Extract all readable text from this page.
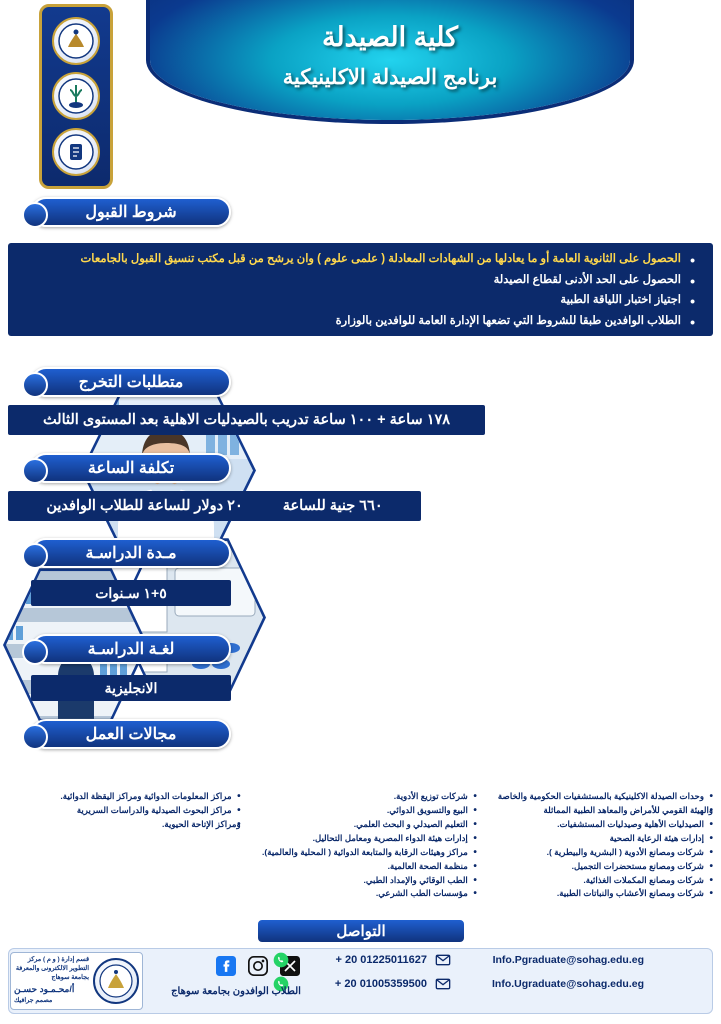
كلية الصيدلة
برنامج الصيدلة الاكلينيكية
شروط القبول
• الحصول على الثانوية العامة أو ما يعادلها من الشهادات المعادلة ( علمى علوم ) وان يرشح من قبل مكتب تنسيق القبول بالجامعات
• الحصول على الحد الأدنى لقطاع الصيدلة
• اجتياز اختبار اللياقة الطبية
• الطلاب الوافدين طبقا للشروط التي تضعها الإدارة العامة للوافدين بالوزارة
متطلبات التخرج
١٧٨ ساعة + ١٠٠ ساعة تدريب بالصيدليات الاهلية بعد المستوى الثالث
تكلفة الساعة
٦٦٠ جنية للساعة
٢٠ دولار للساعة للطلاب الوافدين
مـدة الدراسـة
٥+١ سـنوات
لغـة الدراسـة
الانجليزية
مجالات العمل
• وحدات الصيدلة الاكلينيكية بالمستشفيات الحكومية والخاصة
• والهيئة القومي للأمراض والمعاهد الطبية المماثلة
• الصيدليات الأهلية وصيدليات المستشفيات.
• إدارات هيئة الرعاية الصحية
• شركات ومصانع الأدوية ( البشرية والبيطرية ).
• شركات ومصانع مستحضرات التجميل.
• شركات ومصانع المكملات الغذائية.
• شركات ومصانع الأعشاب والنباتات الطبية.
• شركات توزيع الأدوية.
• البيع والتسويق الدوائي.
• التعليم الصيدلي و البحث العلمي.
• إدارات هيئة الدواء المصرية ومعامل التحاليل.
• مراكز وهيئات الرقابة والمتابعة الدوائية ( المحلية والعالمية).
• منظمة الصحة العالمية.
• الطب الوقائي والإمداد الطبي.
• مؤسسات الطب الشرعي.
• مراكز المعلومات الدوائية ومراكز اليقظة الدوائية.
• مراكز البحوث الصيدلية والدراسات السريرية
• ومراكز الإتاحة الحيوية.
التواصل
+ 20 01225011627	Info.Pgraduate@sohag.edu.eg
+ 20 01005359500	Info.Ugraduate@sohag.edu.eg
الطلاب الوافدون بجامعة سوهاج
قسم إدارة ( و م ) مركز التطوير الالكترونى والمعرفة بجامعة سوهاج
أ/محـمـود حسـن
مصمم جرافيك
